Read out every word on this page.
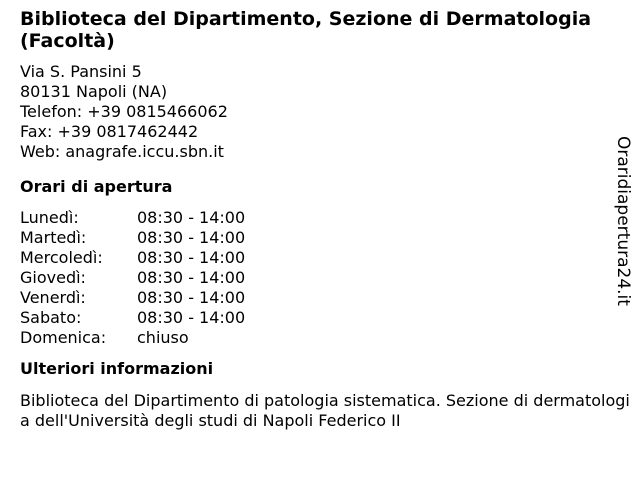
Biblioteca del Dipartimento, Sezione di Dermatologia (Facoltà)
Via S. Pansini 5
80131 Napoli (NA)
Telefon: +39 0815466062
Fax: +39 0817462442
Web: anagrafe.iccu.sbn.it
Orari di apertura
Lunedì:	08:30 - 14:00
Martedì:	08:30 - 14:00
Mercoledì:	08:30 - 14:00
Giovedì:	08:30 - 14:00
Venerdì:	08:30 - 14:00
Sabato:	08:30 - 14:00
Domenica:	chiuso
Ulteriori informazioni
Biblioteca del Dipartimento di patologia sistematica. Sezione di dermatologia dell'Università degli studi di Napoli Federico II
Oraridiapertura24.it
